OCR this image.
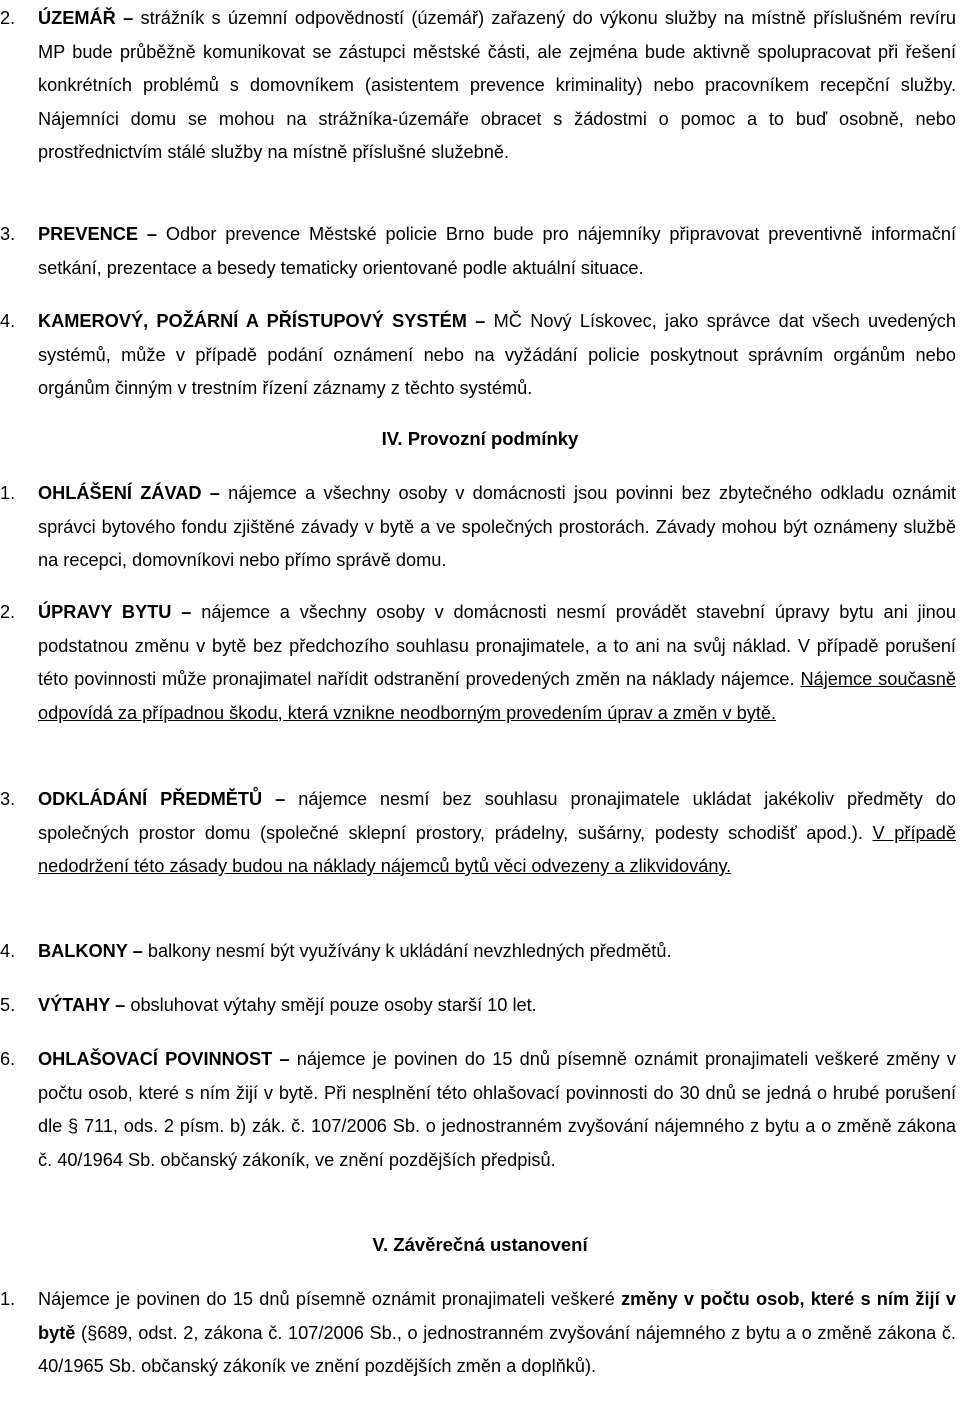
2.	ÚZEMÁŘ – strážník s územní odpovědností (územář) zařazený do výkonu služby na místně příslušném revíru MP bude průběžně komunikovat se zástupci městské části, ale zejména bude aktivně spolupracovat při řešení konkrétních problémů s domovníkem (asistentem prevence kriminality) nebo pracovníkem recepční služby. Nájemníci domu se mohou na strážníka-územáře obracet s žádostmi o pomoc a to buď osobně, nebo prostřednictvím stálé služby na místně příslušné služebně.
3.	PREVENCE – Odbor prevence Městské policie Brno bude pro nájemníky připravovat preventivně informační setkání, prezentace a besedy tematicky orientované podle aktuální situace.
4.	KAMEROVÝ, POŽÁRNÍ A PŘÍSTUPOVÝ SYSTÉM – MČ Nový Lískovec, jako správce dat všech uvedených systémů, může v případě podání oznámení nebo na vyžádání policie poskytnout správním orgánům nebo orgánům činným v trestním řízení záznamy z těchto systémů.
IV. Provozní podmínky
1.	OHLÁŠENÍ ZÁVAD – nájemce a všechny osoby v domácnosti jsou povinni bez zbytečného odkladu oznámit správci bytového fondu zjištěné závady v bytě a ve společných prostorách. Závady mohou být oznámeny službě na recepci, domovníkovi nebo přímo správě domu.
2.	ÚPRAVY BYTU – nájemce a všechny osoby v domácnosti nesmí provádět stavební úpravy bytu ani jinou podstatnou změnu v bytě bez předchozího souhlasu pronajimatele, a to ani na svůj náklad. V případě porušení této povinnosti může pronajimatel nařídit odstranění provedených změn na náklady nájemce. Nájemce současně odpovídá za případnou škodu, která vznikne neodborným provedením úprav a změn v bytě.
3.	ODKLÁDÁNÍ PŘEDMĚTŮ – nájemce nesmí bez souhlasu pronajimatele ukládat jakékoliv předměty do společných prostor domu (společné sklepní prostory, prádelny, sušárny, podesty schodišť apod.). V případě nedodržení této zásady budou na náklady nájemců bytů věci odvezeny a zlikvidovány.
4.	BALKONY – balkony nesmí být využívány k ukládání nevzhledných předmětů.
5.	VÝTAHY – obsluhovat výtahy smějí pouze osoby starší 10 let.
6.	OHLAŠOVACÍ POVINNOST – nájemce je povinen do 15 dnů písemně oznámit pronajimateli veškeré změny v počtu osob, které s ním žijí v bytě. Při nesplnění této ohlašovací povinnosti do 30 dnů se jedná o hrubé porušení dle § 711, ods. 2 písm. b) zák. č. 107/2006 Sb. o jednostranném zvyšování nájemného z bytu a o změně zákona č. 40/1964 Sb. občanský zákoník, ve znění pozdějších předpisů.
V. Závěrečná ustanovení
1.	Nájemce je povinen do 15 dnů písemně oznámit pronajimateli veškeré změny v počtu osob, které s ním žijí v bytě (§689, odst. 2, zákona č. 107/2006 Sb., o jednostranném zvyšování nájemného z bytu a o změně zákona č. 40/1965 Sb. občanský zákoník ve znění pozdějších změn a doplňků).
